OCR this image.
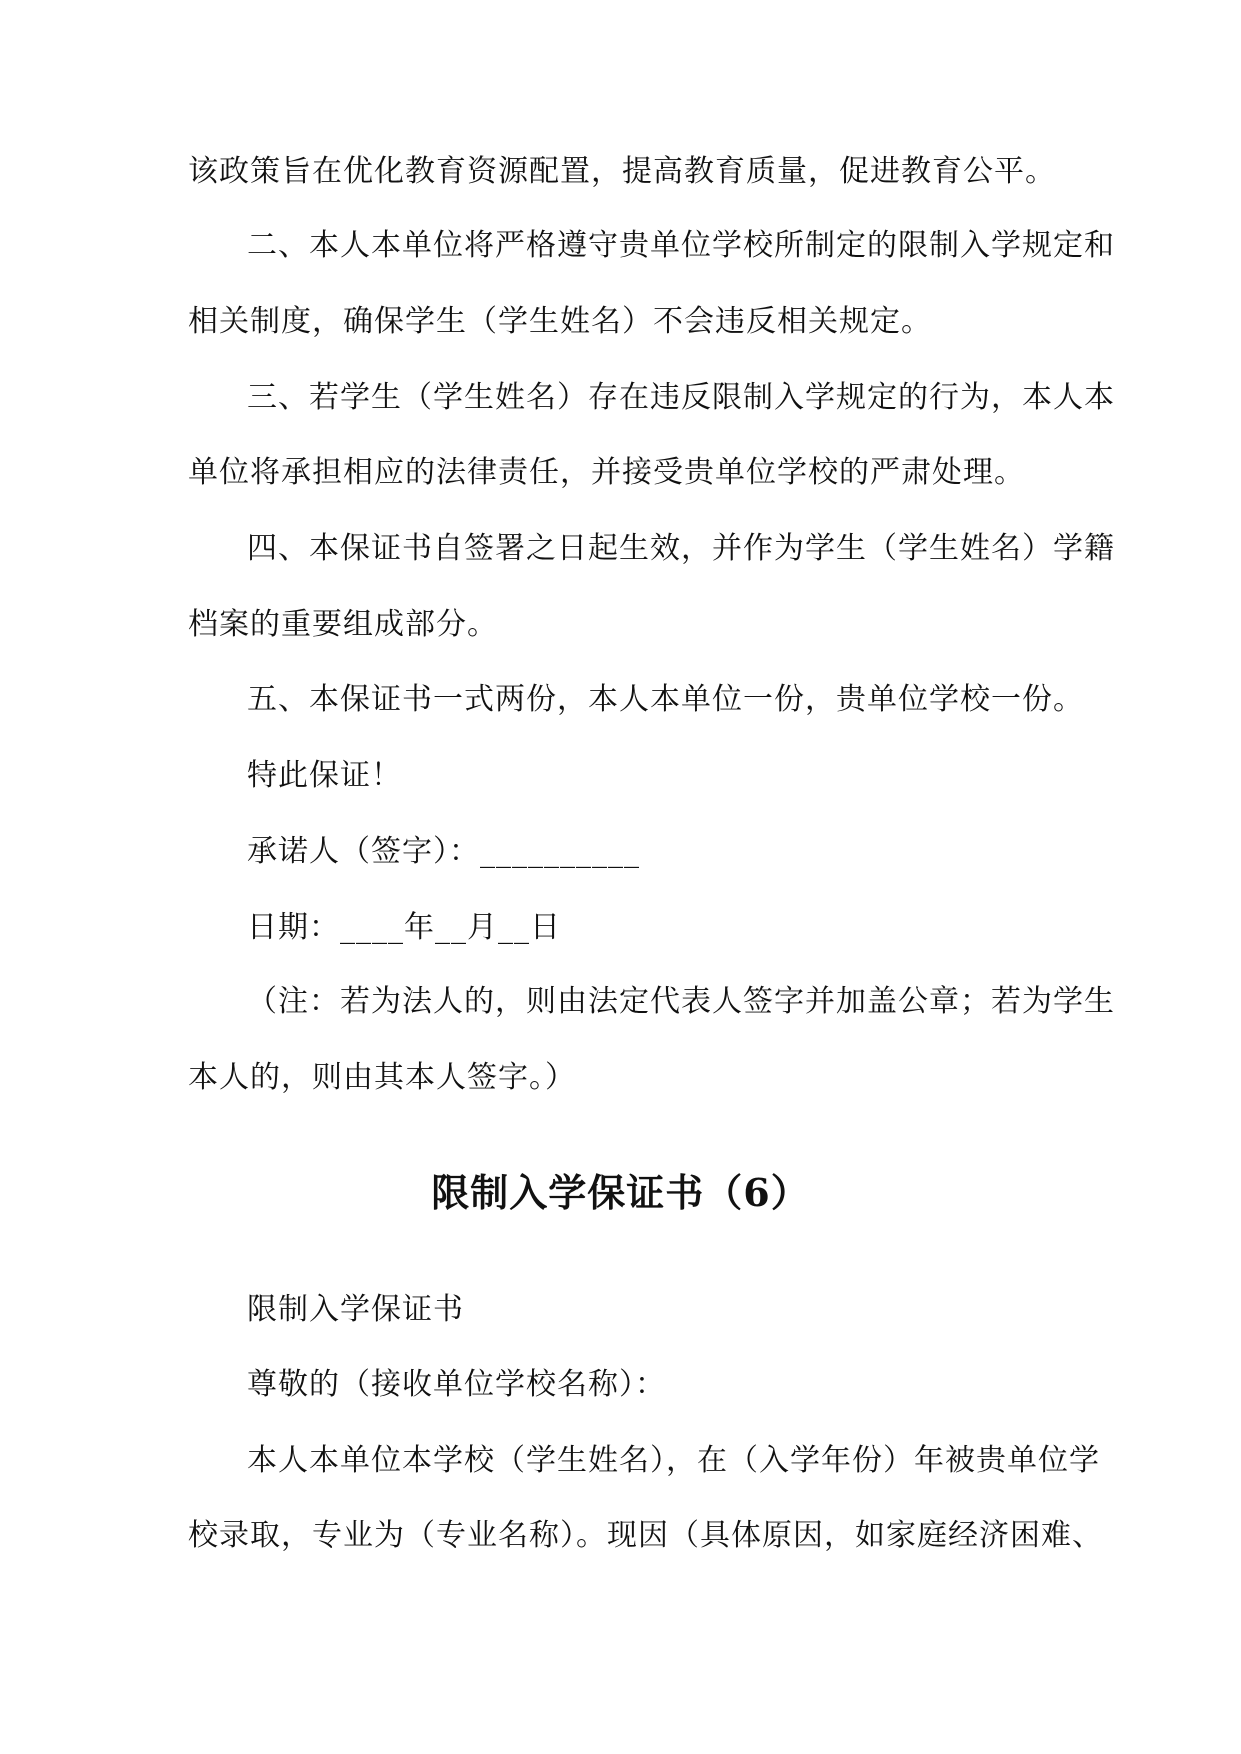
该政策旨在优化教育资源配置，提高教育质量，促进教育公平。

二、本人本单位将严格遵守贵单位学校所制定的限制入学规定和

相关制度，确保学生（学生姓名）不会违反相关规定。

三、若学生（学生姓名）存在违反限制入学规定的行为，本人本

单位将承担相应的法律责任，并接受贵单位学校的严肃处理。

四、本保证书自签署之日起生效，并作为学生（学生姓名）学籍

档案的重要组成部分。

五、本保证书一式两份，本人本单位一份，贵单位学校一份。

特此保证！

承诺人（签字）：__________

日期：____年__月__日

（注：若为法人的，则由法定代表人签字并加盖公章；若为学生

本人的，则由其本人签字。）

限制入学保证书（6）

限制入学保证书

尊敬的（接收单位学校名称）：

本人本单位本学校（学生姓名），在（入学年份）年被贵单位学

校录取，专业为（专业名称）。现因（具体原因，如家庭经济困难、
